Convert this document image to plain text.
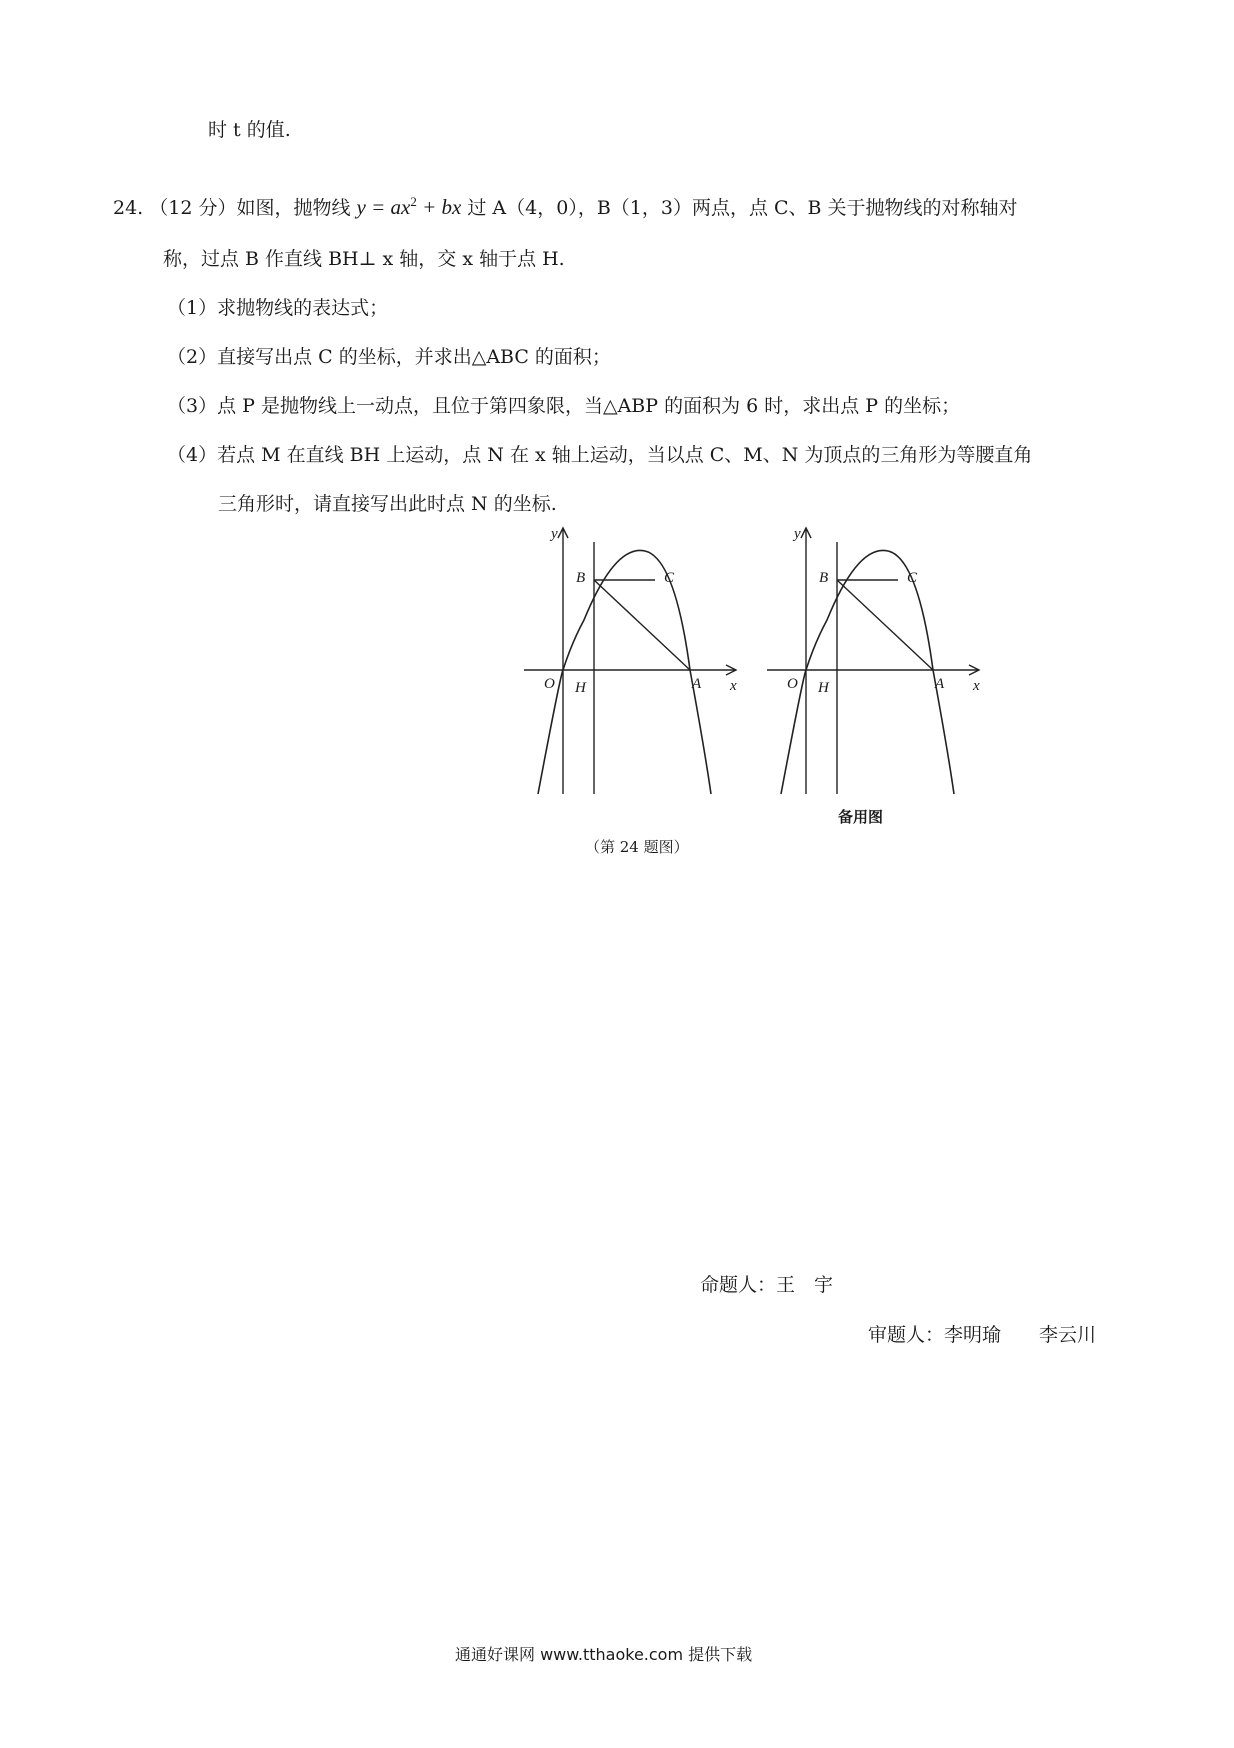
时 t 的值.
24. （12 分）如图，抛物线 $y = ax^2$ + bx 过 A（4，0），B（1，3）两点，点 C、B 关于抛物线的对称轴对
称，过点 B 作直线 BH⊥ x 轴，交 x 轴于点 H.
（1）求抛物线的表达式；
（2）直接写出点 C 的坐标，并求出△ABC 的面积；
（3）点 P 是抛物线上一动点，且位于第四象限，当△ABP 的面积为 6 时，求出点 P 的坐标；
（4）若点 M 在直线 BH 上运动，点 N 在 x 轴上运动，当以点 C、M、N 为顶点的三角形为等腰直角
三角形时，请直接写出此时点 N 的坐标.
y
x
O H	A
B	C
y
x
O H	A
B	C
备用图
（第 24 题图）
命题人：王　宇
审题人：李明瑜　　李云川
通通好课网 www.tthaoke.com 提供下载
